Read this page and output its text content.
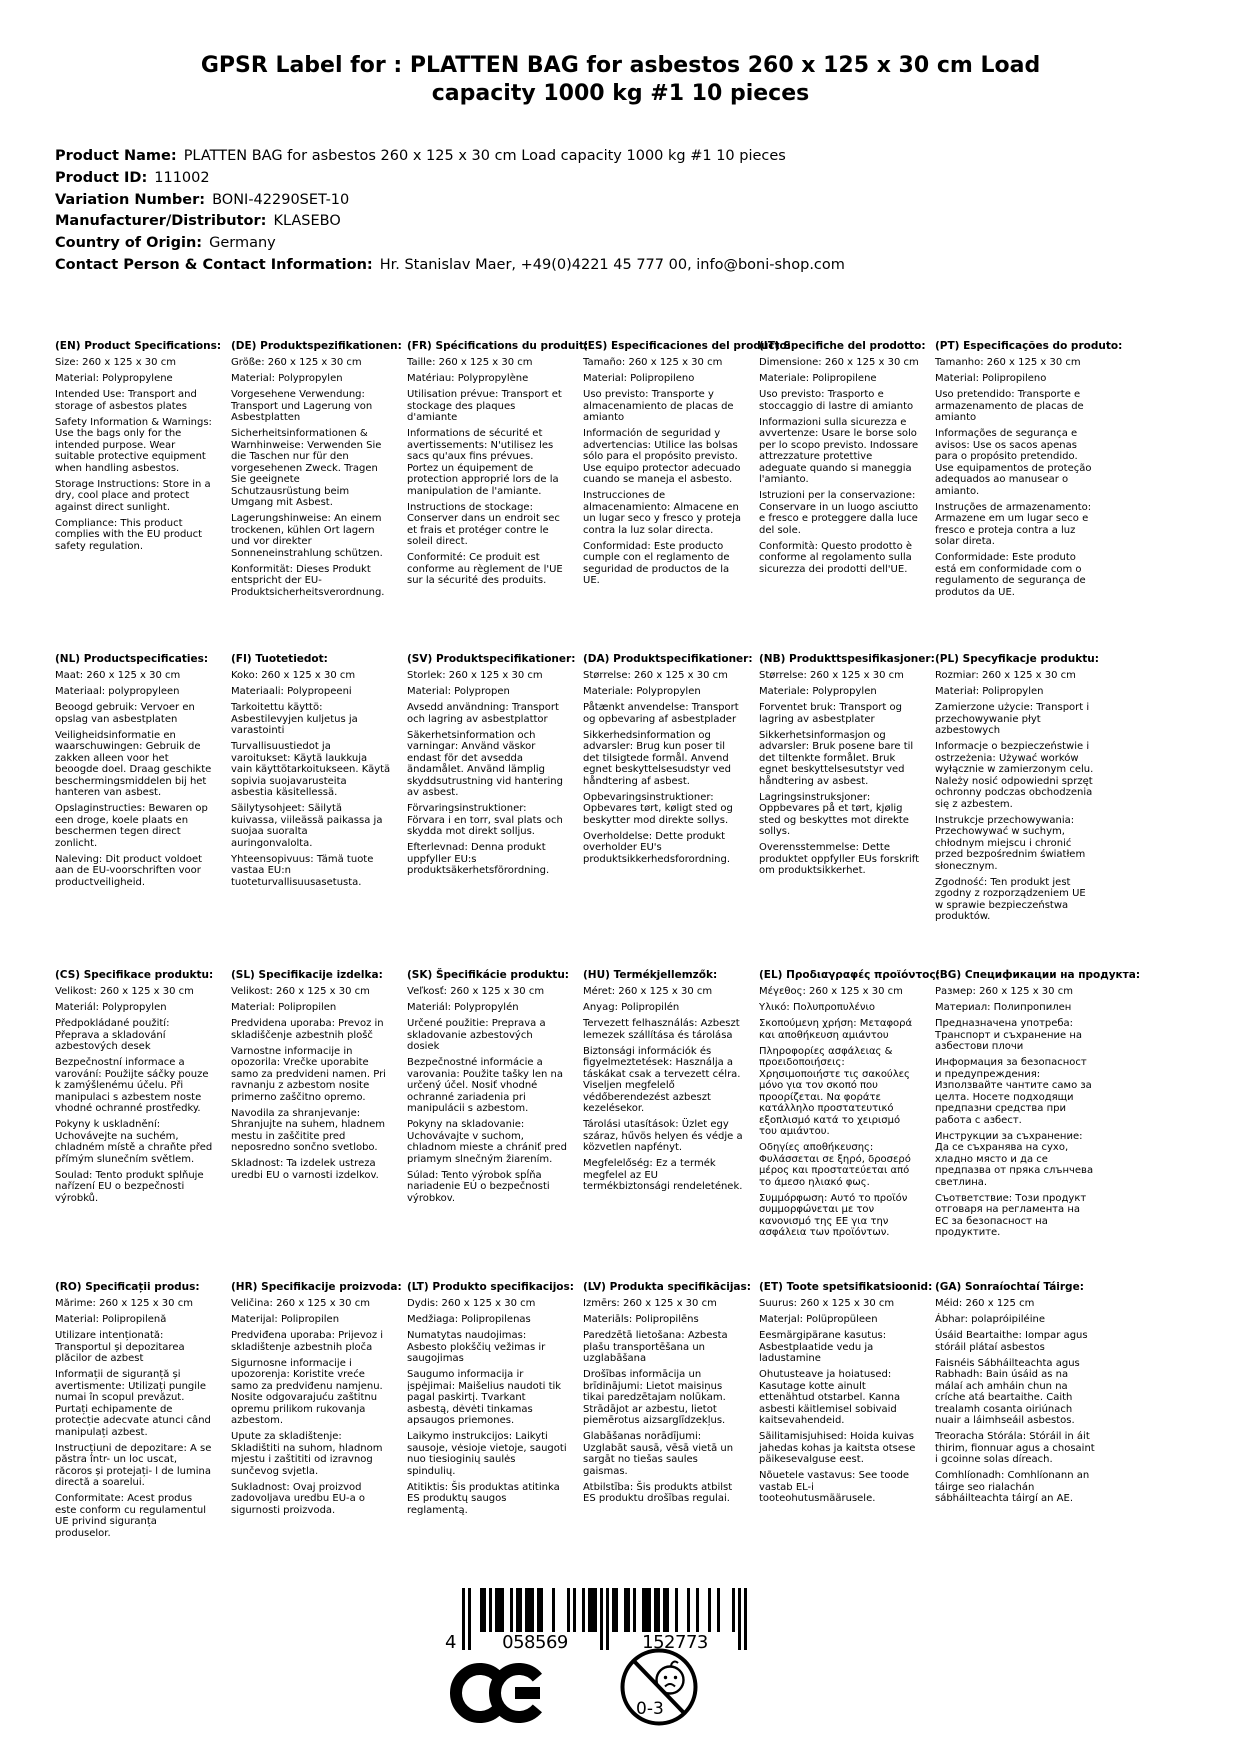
GPSR Label for : PLATTEN BAG for asbestos 260 x 125 x 30 cm Load capacity 1000 kg #1 10 pieces
Product Name: PLATTEN BAG for asbestos 260 x 125 x 30 cm Load capacity 1000 kg #1 10 pieces
Product ID: 111002
Variation Number: BONI-42290SET-10
Manufacturer/Distributor: KLASEBO
Country of Origin: Germany
Contact Person & Contact Information: Hr. Stanislav Maer, +49(0)4221 45 777 00, info@boni-shop.com
(EN) Product Specifications:
Size: 260 x 125 x 30 cm
Material: Polypropylene
Intended Use: Transport and storage of asbestos plates
Safety Information & Warnings: Use the bags only for the intended purpose. Wear suitable protective equipment when handling asbestos.
Storage Instructions: Store in a dry, cool place and protect against direct sunlight.
Compliance: This product complies with the EU product safety regulation.
(DE) Produktspezifikationen:
Größe: 260 x 125 x 30 cm
Material: Polypropylen
Vorgesehene Verwendung: Transport und Lagerung von Asbestplatten
Sicherheitsinformationen & Warnhinweise: Verwenden Sie die Taschen nur für den vorgesehenen Zweck. Tragen Sie geeignete Schutzausrüstung beim Umgang mit Asbest.
Lagerungshinweise: An einem trockenen, kühlen Ort lagern und vor direkter Sonneneinstrahlung schützen.
Konformität: Dieses Produkt entspricht der EU-Produktsicherheitsverordnung.
(FR) Spécifications du produit:
Taille: 260 x 125 x 30 cm
Matériau: Polypropylène
Utilisation prévue: Transport et stockage des plaques d'amiante
Informations de sécurité et avertissements: N'utilisez les sacs qu'aux fins prévues. Portez un équipement de protection approprié lors de la manipulation de l'amiante.
Instructions de stockage: Conserver dans un endroit sec et frais et protéger contre le soleil direct.
Conformité: Ce produit est conforme au règlement de l'UE sur la sécurité des produits.
(ES) Especificaciones del producto:
Tamaño: 260 x 125 x 30 cm
Material: Polipropileno
Uso previsto: Transporte y almacenamiento de placas de amianto
Información de seguridad y advertencias: Utilice las bolsas sólo para el propósito previsto. Use equipo protector adecuado cuando se maneja el asbesto.
Instrucciones de almacenamiento: Almacene en un lugar seco y fresco y proteja contra la luz solar directa.
Conformidad: Este producto cumple con el reglamento de seguridad de productos de la UE.
(IT) Specifiche del prodotto:
Dimensione: 260 x 125 x 30 cm
Materiale: Polipropilene
Uso previsto: Trasporto e stoccaggio di lastre di amianto
Informazioni sulla sicurezza e avvertenze: Usare le borse solo per lo scopo previsto. Indossare attrezzature protettive adeguate quando si maneggia l'amianto.
Istruzioni per la conservazione: Conservare in un luogo asciutto e fresco e proteggere dalla luce del sole.
Conformità: Questo prodotto è conforme al regolamento sulla sicurezza dei prodotti dell'UE.
(PT) Especificações do produto:
Tamanho: 260 x 125 x 30 cm
Material: Polipropileno
Uso pretendido: Transporte e armazenamento de placas de amianto
Informações de segurança e avisos: Use os sacos apenas para o propósito pretendido. Use equipamentos de proteção adequados ao manusear o amianto.
Instruções de armazenamento: Armazene em um lugar seco e fresco e proteja contra a luz solar direta.
Conformidade: Este produto está em conformidade com o regulamento de segurança de produtos da UE.
(NL) Productspecificaties:
Maat: 260 x 125 x 30 cm
Materiaal: polypropyleen
Beoogd gebruik: Vervoer en opslag van asbestplaten
Veiligheidsinformatie en waarschuwingen: Gebruik de zakken alleen voor het beoogde doel. Draag geschikte beschermingsmiddelen bij het hanteren van asbest.
Opslaginstructies: Bewaren op een droge, koele plaats en beschermen tegen direct zonlicht.
Naleving: Dit product voldoet aan de EU-voorschriften voor productveiligheid.
(FI) Tuotetiedot:
Koko: 260 x 125 x 30 cm
Materiaali: Polypropeeni
Tarkoitettu käyttö: Asbestilevyjen kuljetus ja varastointi
Turvallisuustiedot ja varoitukset: Käytä laukkuja vain käyttötarkoitukseen. Käytä sopivia suojavarusteita asbestia käsitellessä.
Säilytysohjeet: Säilytä kuivassa, viileässä paikassa ja suojaa suoralta auringonvalolta.
Yhteensopivuus: Tämä tuote vastaa EU:n tuoteturvallisuusasetusta.
(SV) Produktspecifikationer:
Storlek: 260 x 125 x 30 cm
Material: Polypropen
Avsedd användning: Transport och lagring av asbestplattor
Säkerhetsinformation och varningar: Använd väskor endast för det avsedda ändamålet. Använd lämplig skyddsutrustning vid hantering av asbest.
Förvaringsinstruktioner: Förvara i en torr, sval plats och skydda mot direkt solljus.
Efterlevnad: Denna produkt uppfyller EU:s produktsäkerhetsförordning.
(DA) Produktspecifikationer:
Størrelse: 260 x 125 x 30 cm
Materiale: Polypropylen
Påtænkt anvendelse: Transport og opbevaring af asbestplader
Sikkerhedsinformation og advarsler: Brug kun poser til det tilsigtede formål. Anvend egnet beskyttelsesudstyr ved håndtering af asbest.
Opbevaringsinstruktioner: Opbevares tørt, køligt sted og beskytter mod direkte sollys.
Overholdelse: Dette produkt overholder EU's produktsikkerhedsforordning.
(NB) Produkttspesifikasjoner:
Størrelse: 260 x 125 x 30 cm
Materiale: Polypropylen
Forventet bruk: Transport og lagring av asbestplater
Sikkerhetsinformasjon og advarsler: Bruk posene bare til det tiltenkte formålet. Bruk egnet beskyttelsesutstyr ved håndtering av asbest.
Lagringsinstruksjoner: Oppbevares på et tørt, kjølig sted og beskyttes mot direkte sollys.
Overensstemmelse: Dette produktet oppfyller EUs forskrift om produktsikkerhet.
(PL) Specyfikacje produktu:
Rozmiar: 260 x 125 x 30 cm
Materiał: Polipropylen
Zamierzone użycie: Transport i przechowywanie płyt azbestowych
Informacje o bezpieczeństwie i ostrzeżenia: Używać worków wyłącznie w zamierzonym celu. Należy nosić odpowiedni sprzęt ochronny podczas obchodzenia się z azbestem.
Instrukcje przechowywania: Przechowywać w suchym, chłodnym miejscu i chronić przed bezpośrednim światłem słonecznym.
Zgodność: Ten produkt jest zgodny z rozporządzeniem UE w sprawie bezpieczeństwa produktów.
(CS) Specifikace produktu:
Velikost: 260 x 125 x 30 cm
Materiál: Polypropylen
Předpokládané použití: Přeprava a skladování azbestových desek
Bezpečnostní informace a varování: Použijte sáčky pouze k zamýšlenému účelu. Při manipulaci s azbestem noste vhodné ochranné prostředky.
Pokyny k uskladnění: Uchovávejte na suchém, chladném místě a chraňte před přímým slunečním světlem.
Soulad: Tento produkt splňuje nařízení EU o bezpečnosti výrobků.
(SL) Specifikacije izdelka:
Velikost: 260 x 125 x 30 cm
Material: Polipropilen
Predvidena uporaba: Prevoz in skladiščenje azbestnih plošč
Varnostne informacije in opozorila: Vrečke uporabite samo za predvideni namen. Pri ravnanju z azbestom nosite primerno zaščitno opremo.
Navodila za shranjevanje: Shranjujte na suhem, hladnem mestu in zaščitite pred neposredno sončno svetlobo.
Skladnost: Ta izdelek ustreza uredbi EU o varnosti izdelkov.
(SK) Špecifikácie produktu:
Veľkosť: 260 x 125 x 30 cm
Materiál: Polypropylén
Určené použitie: Preprava a skladovanie azbestových dosiek
Bezpečnostné informácie a varovania: Použite tašky len na určený účel. Nosiť vhodné ochranné zariadenia pri manipulácii s azbestom.
Pokyny na skladovanie: Uchovávajte v suchom, chladnom mieste a chrániť pred priamym slnečným žiarením.
Súlad: Tento výrobok spĺňa nariadenie EÚ o bezpečnosti výrobkov.
(HU) Termékjellemzők:
Méret: 260 x 125 x 30 cm
Anyag: Polipropilén
Tervezett felhasználás: Azbeszt lemezek szállítása és tárolása
Biztonsági információk és figyelmeztetések: Használja a táskákat csak a tervezett célra. Viseljen megfelelő védőberendezést azbeszt kezelésekor.
Tárolási utasítások: Üzlet egy száraz, hűvös helyen és védje a közvetlen napfényt.
Megfelelőség: Ez a termék megfelel az EU termékbiztonsági rendeletének.
(EL) Προδιαγραφές προϊόντος:
Μέγεθος: 260 x 125 x 30 cm
Υλικό: Πολυπροπυλένιο
Σκοπούμενη χρήση: Μεταφορά και αποθήκευση αμιάντου
Πληροφορίες ασφάλειας & προειδοποιήσεις: Χρησιμοποιήστε τις σακούλες μόνο για τον σκοπό που προορίζεται. Να φοράτε κατάλληλο προστατευτικό εξοπλισμό κατά το χειρισμό του αμιάντου.
Οδηγίες αποθήκευσης: Φυλάσσεται σε ξηρό, δροσερό μέρος και προστατεύεται από το άμεσο ηλιακό φως.
Συμμόρφωση: Αυτό το προϊόν συμμορφώνεται με τον κανονισμό της ΕΕ για την ασφάλεια των προϊόντων.
(BG) Спецификации на продукта:
Размер: 260 x 125 x 30 cm
Материал: Полипропилен
Предназначена употреба: Транспорт и съхранение на азбестови плочи
Информация за безопасност и предупреждения: Използвайте чантите само за целта. Носете подходящи предпазни средства при работа с азбест.
Инструкции за съхранение: Да се съхранява на сухо, хладно място и да се предпазва от пряка слънчева светлина.
Съответствие: Този продукт отговаря на регламента на ЕС за безопасност на продуктите.
(RO) Specificații produs:
Mărime: 260 x 125 x 30 cm
Material: Polipropilenă
Utilizare intenționată: Transportul și depozitarea plăcilor de azbest
Informații de siguranță și avertismente: Utilizați pungile numai în scopul prevăzut. Purtați echipamente de protecție adecvate atunci când manipulați azbest.
Instrucțiuni de depozitare: A se păstra într- un loc uscat, răcoros și protejați- l de lumina directă a soarelui.
Conformitate: Acest produs este conform cu regulamentul UE privind siguranța produselor.
(HR) Specifikacije proizvoda:
Veličina: 260 x 125 x 30 cm
Materijal: Polipropilen
Predviđena uporaba: Prijevoz i skladištenje azbestnih ploča
Sigurnosne informacije i upozorenja: Koristite vreće samo za predviđenu namjenu. Nosite odgovarajuću zaštitnu opremu prilikom rukovanja azbestom.
Upute za skladištenje: Skladištiti na suhom, hladnom mjestu i zaštititi od izravnog sunčevog svjetla.
Sukladnost: Ovaj proizvod zadovoljava uredbu EU-a o sigurnosti proizvoda.
(LT) Produkto specifikacijos:
Dydis: 260 x 125 x 30 cm
Medžiaga: Polipropilenas
Numatytas naudojimas: Asbesto plokščių vežimas ir saugojimas
Saugumo informacija ir įspėjimai: Maišelius naudoti tik pagal paskirtį. Tvarkant asbestą, dėvėti tinkamas apsaugos priemones.
Laikymo instrukcijos: Laikyti sausoje, vėsioje vietoje, saugoti nuo tiesioginių saulės spindulių.
Atitiktis: Šis produktas atitinka ES produktų saugos reglamentą.
(LV) Produkta specifikācijas:
Izmērs: 260 x 125 x 30 cm
Materiāls: Polipropilēns
Paredzētā lietošana: Azbesta plašu transportēšana un uzglabāšana
Drošības informācija un brīdinājumi: Lietot maisiņus tikai paredzētajam nolūkam. Strādājot ar azbestu, lietot piemērotus aizsarglīdzekļus.
Glabāšanas norādījumi: Uzglabāt sausā, vēsā vietā un sargāt no tiešas saules gaismas.
Atbilstība: Šis produkts atbilst ES produktu drošības regulai.
(ET) Toote spetsifikatsioonid:
Suurus: 260 x 125 x 30 cm
Materjal: Polüpropüleen
Eesmärgipärane kasutus: Asbestplaatide vedu ja ladustamine
Ohutusteave ja hoiatused: Kasutage kotte ainult ettenähtud otstarbel. Kanna asbesti käitlemisel sobivaid kaitsevahendeid.
Säilitamisjuhised: Hoida kuivas jahedas kohas ja kaitsta otsese päikesevalguse eest.
Nõuetele vastavus: See toode vastab EL-i tooteohutusmäärusele.
(GA) Sonraíochtaí Táirge:
Méid: 260 x 125 cm
Ábhar: polapróipiléine
Úsáid Beartaithe: Iompar agus stóráil plátaí asbestos
Faisnéis Sábháilteachta agus Rabhadh: Bain úsáid as na málaí ach amháin chun na críche atá beartaithe. Caith trealamh cosanta oiriúnach nuair a láimhseáil asbestos.
Treoracha Stórála: Stóráil in áit thirim, fionnuar agus a chosaint i gcoinne solas díreach.
Comhlíonadh: Comhlíonann an táirge seo rialachán sábháilteachta táirgí an AE.
4	058569	152773
0-3
